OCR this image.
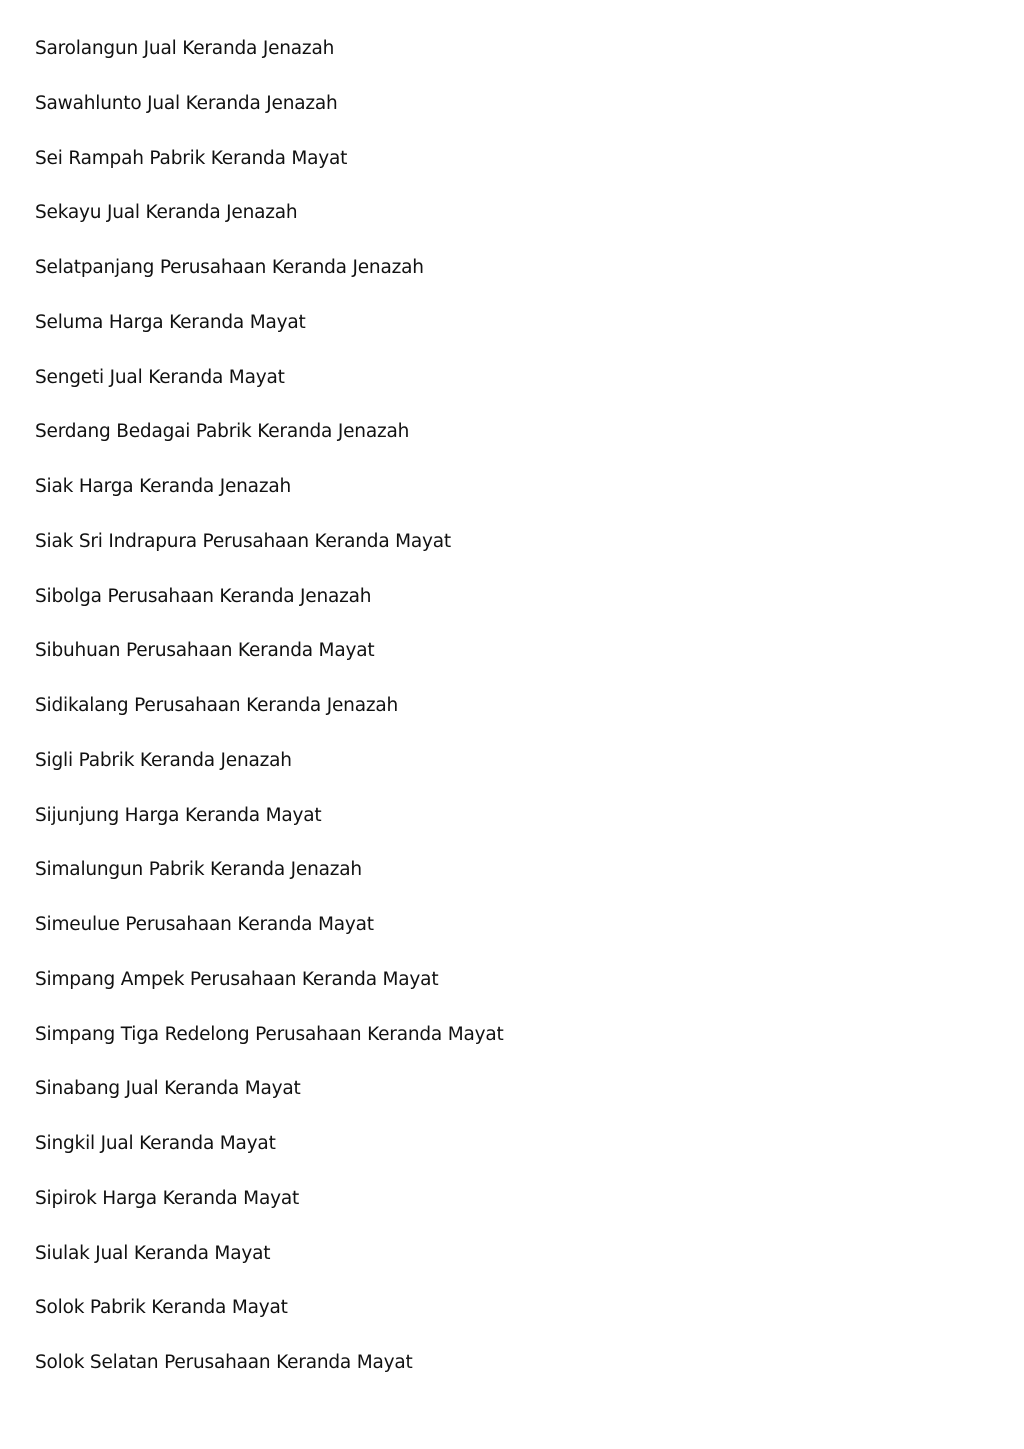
Sarolangun Jual Keranda Jenazah
Sawahlunto Jual Keranda Jenazah
Sei Rampah Pabrik Keranda Mayat
Sekayu Jual Keranda Jenazah
Selatpanjang Perusahaan Keranda Jenazah
Seluma Harga Keranda Mayat
Sengeti Jual Keranda Mayat
Serdang Bedagai Pabrik Keranda Jenazah
Siak Harga Keranda Jenazah
Siak Sri Indrapura Perusahaan Keranda Mayat
Sibolga Perusahaan Keranda Jenazah
Sibuhuan Perusahaan Keranda Mayat
Sidikalang Perusahaan Keranda Jenazah
Sigli Pabrik Keranda Jenazah
Sijunjung Harga Keranda Mayat
Simalungun Pabrik Keranda Jenazah
Simeulue Perusahaan Keranda Mayat
Simpang Ampek Perusahaan Keranda Mayat
Simpang Tiga Redelong Perusahaan Keranda Mayat
Sinabang Jual Keranda Mayat
Singkil Jual Keranda Mayat
Sipirok Harga Keranda Mayat
Siulak Jual Keranda Mayat
Solok Pabrik Keranda Mayat
Solok Selatan Perusahaan Keranda Mayat
